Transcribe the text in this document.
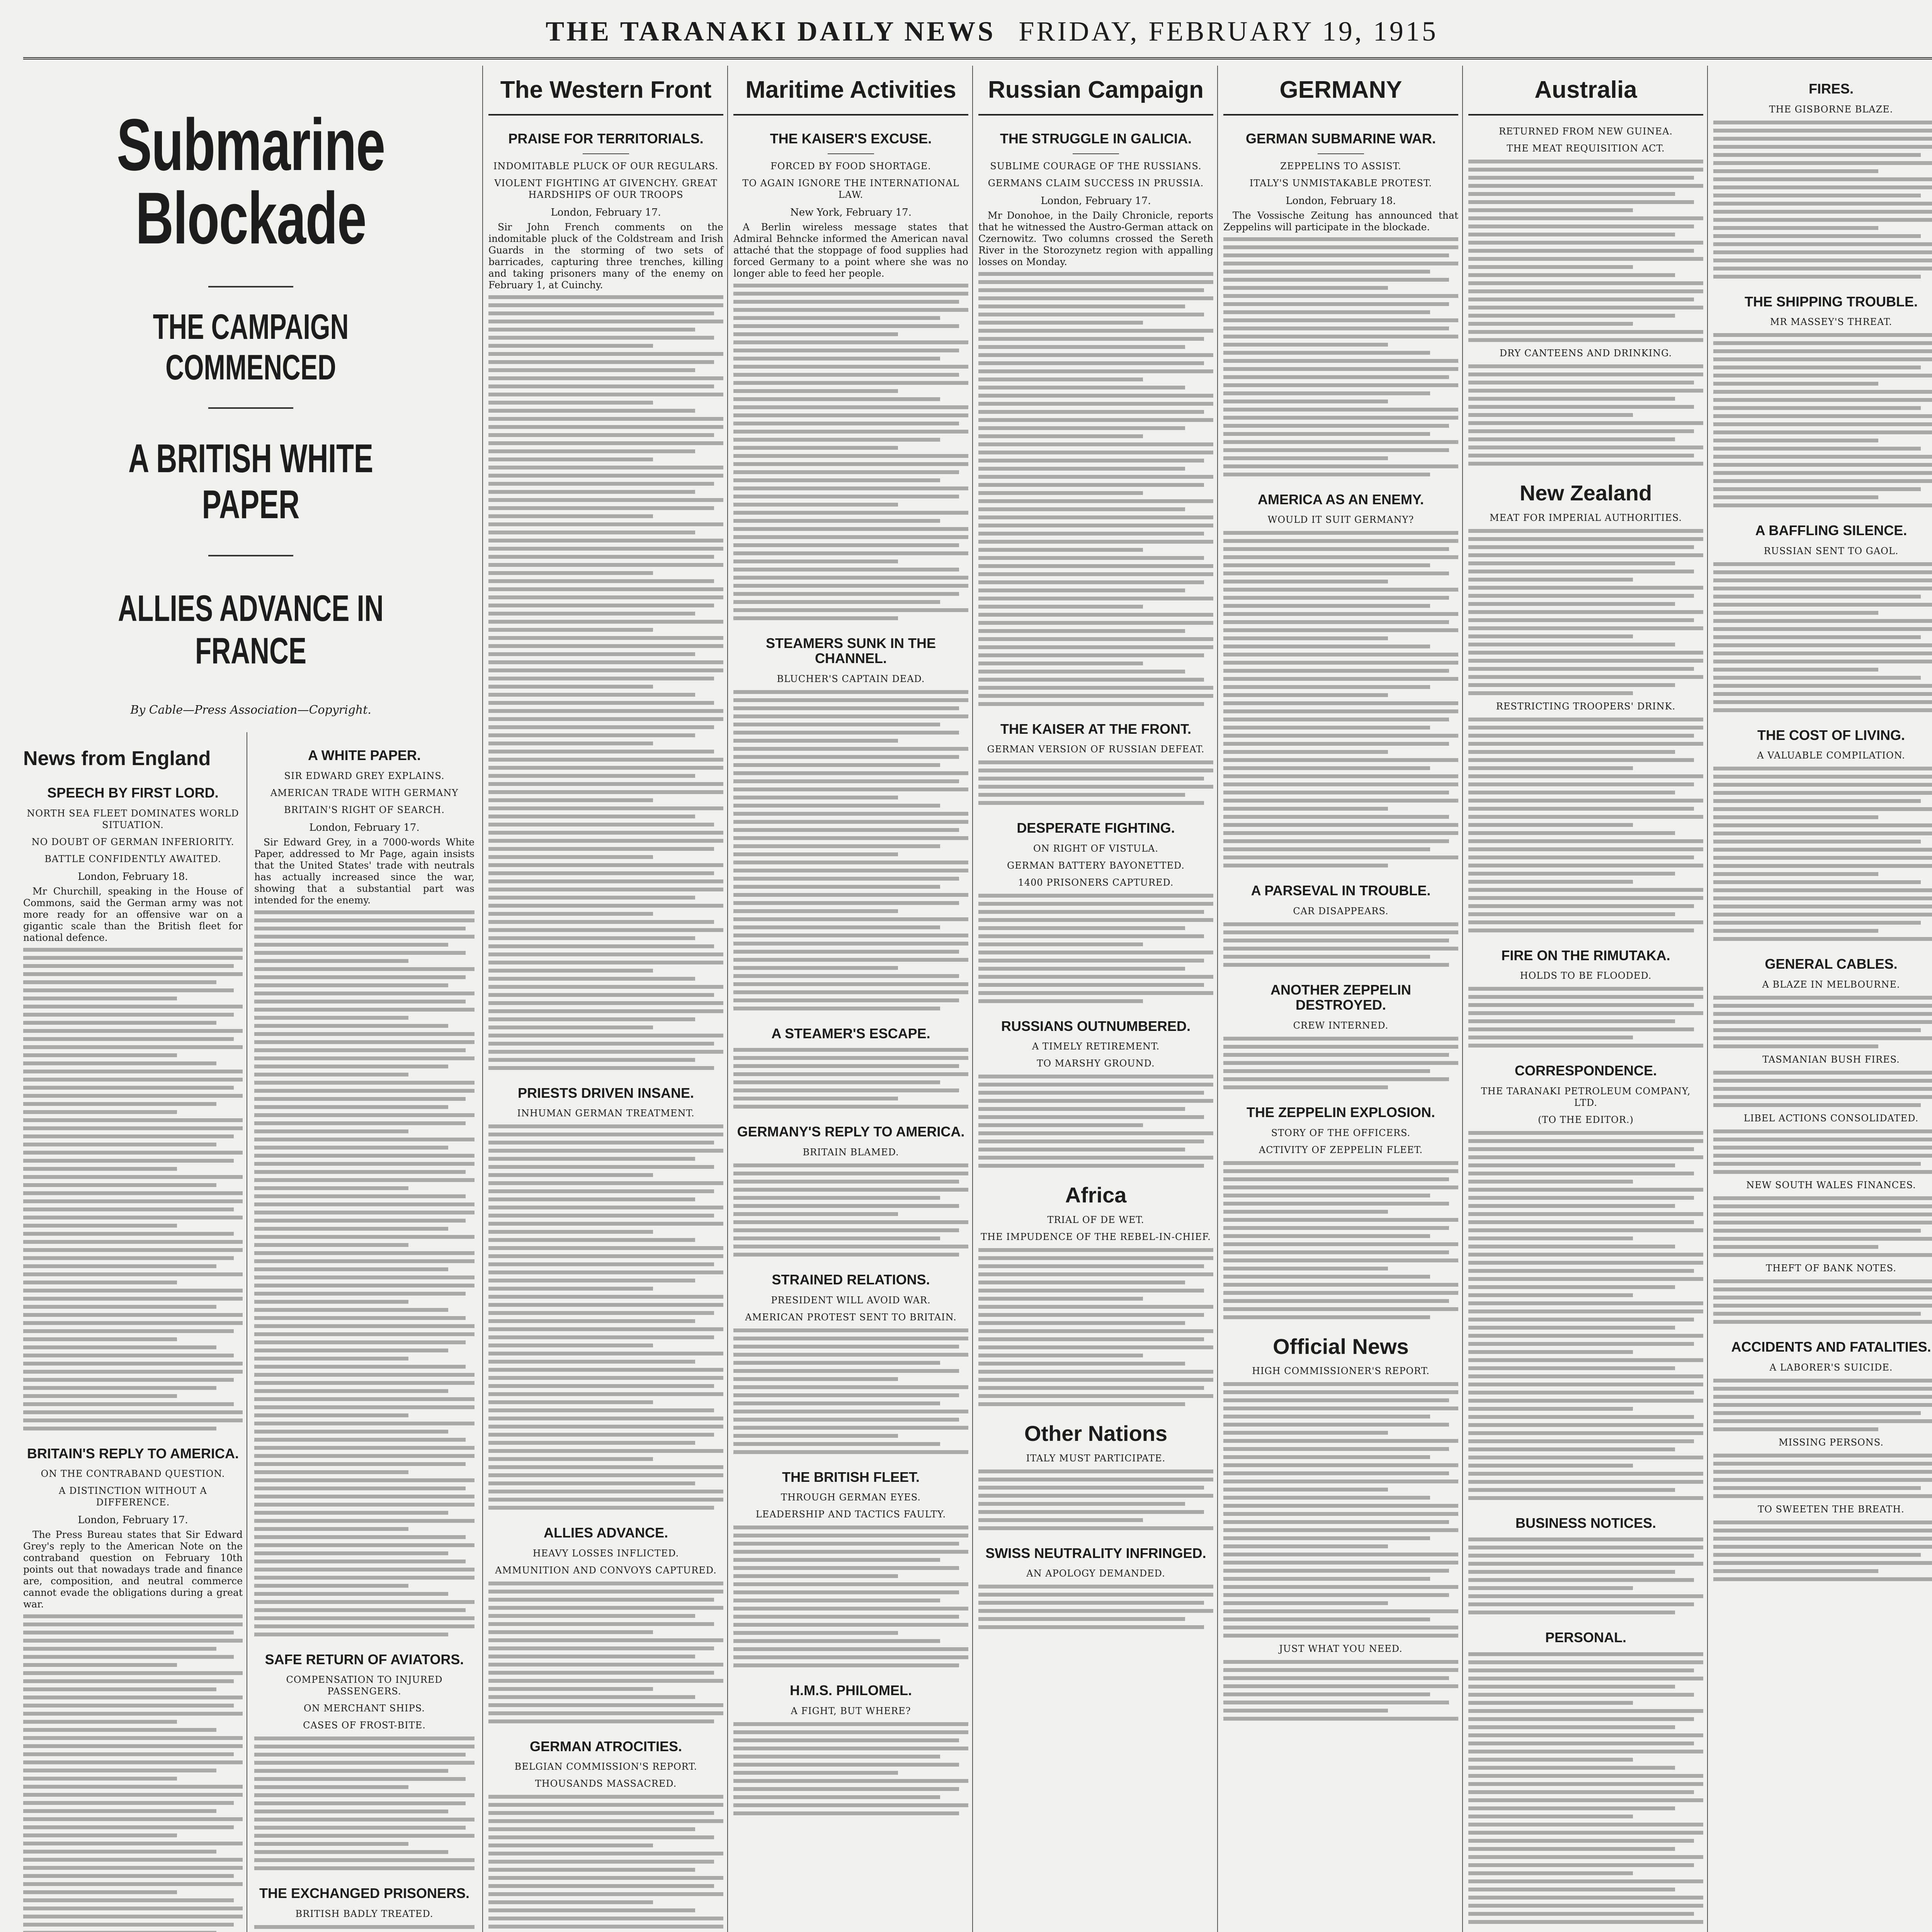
THE TARANAKI DAILY NEWS FRIDAY, FEBRUARY 19, 1915
Submarine Blockade
THE CAMPAIGN COMMENCED
A BRITISH WHITE PAPER
ALLIES ADVANCE IN FRANCE
By Cable—Press Association—Copyright.
News from England
SPEECH BY FIRST LORD.
NORTH SEA FLEET DOMINATES WORLD SITUATION.
NO DOUBT OF GERMAN INFERIORITY.
BATTLE CONFIDENTLY AWAITED.
London, February 18.

Mr Churchill, speaking in the House of Commons, said the German army was not more ready for an offensive war on a gigantic scale than the British fleet for national defence.

BRITAIN'S REPLY TO AMERICA.
ON THE CONTRABAND QUESTION.
A DISTINCTION WITHOUT A DIFFERENCE.
London, February 17.

The Press Bureau states that Sir Edward Grey's reply to the American Note on the contraband question on February 10th points out that nowadays trade and finance are, composition, and neutral commerce cannot evade the obligations during a great war.

A WHITE PAPER.
SIR EDWARD GREY EXPLAINS.
AMERICAN TRADE WITH GERMANY
BRITAIN'S RIGHT OF SEARCH.
London, February 17.

Sir Edward Grey, in a 7000-words White Paper, addressed to Mr Page, again insists that the United States' trade with neutrals has actually increased since the war, showing that a substantial part was intended for the enemy.

SAFE RETURN OF AVIATORS.
COMPENSATION TO INJURED PASSENGERS.
ON MERCHANT SHIPS.
CASES OF FROST-BITE.
THE EXCHANGED PRISONERS.
BRITISH BADLY TREATED.
The Western Front
PRAISE FOR TERRITORIALS.
INDOMITABLE PLUCK OF OUR REGULARS.
VIOLENT FIGHTING AT GIVENCHY. GREAT HARDSHIPS OF OUR TROOPS
London, February 17.

Sir John French comments on the indomitable pluck of the Coldstream and Irish Guards in the storming of two sets of barricades, capturing three trenches, killing and taking prisoners many of the enemy on February 1, at Cuinchy.

PRIESTS DRIVEN INSANE.
INHUMAN GERMAN TREATMENT.
ALLIES ADVANCE.
HEAVY LOSSES INFLICTED.
AMMUNITION AND CONVOYS CAPTURED.
GERMAN ATROCITIES.
BELGIAN COMMISSION'S REPORT.
THOUSANDS MASSACRED.
Maritime Activities
THE KAISER'S EXCUSE.
FORCED BY FOOD SHORTAGE.
TO AGAIN IGNORE THE INTERNATIONAL LAW.
New York, February 17.

A Berlin wireless message states that Admiral Behncke informed the American naval attaché that the stoppage of food supplies had forced Germany to a point where she was no longer able to feed her people.

STEAMERS SUNK IN THE CHANNEL.
BLUCHER'S CAPTAIN DEAD.
A STEAMER'S ESCAPE.
GERMANY'S REPLY TO AMERICA.
BRITAIN BLAMED.
STRAINED RELATIONS.
PRESIDENT WILL AVOID WAR.
AMERICAN PROTEST SENT TO BRITAIN.
THE BRITISH FLEET.
THROUGH GERMAN EYES.
LEADERSHIP AND TACTICS FAULTY.
H.M.S. PHILOMEL.
A FIGHT, BUT WHERE?
Russian Campaign
THE STRUGGLE IN GALICIA.
SUBLIME COURAGE OF THE RUSSIANS.
GERMANS CLAIM SUCCESS IN PRUSSIA.
London, February 17.

Mr Donohoe, in the Daily Chronicle, reports that he witnessed the Austro-German attack on Czernowitz. Two columns crossed the Sereth River in the Storozynetz region with appalling losses on Monday.

THE KAISER AT THE FRONT.
GERMAN VERSION OF RUSSIAN DEFEAT.
DESPERATE FIGHTING.
ON RIGHT OF VISTULA.
GERMAN BATTERY BAYONETTED.
1400 PRISONERS CAPTURED.
RUSSIANS OUTNUMBERED.
A TIMELY RETIREMENT.
TO MARSHY GROUND.
Africa
TRIAL OF DE WET.
THE IMPUDENCE OF THE REBEL-IN-CHIEF.
Other Nations
ITALY MUST PARTICIPATE.
SWISS NEUTRALITY INFRINGED.
AN APOLOGY DEMANDED.
GERMANY
GERMAN SUBMARINE WAR.
ZEPPELINS TO ASSIST.
ITALY'S UNMISTAKABLE PROTEST.
London, February 18.

The Vossische Zeitung has announced that Zeppelins will participate in the blockade.

AMERICA AS AN ENEMY.
WOULD IT SUIT GERMANY?
A PARSEVAL IN TROUBLE.
CAR DISAPPEARS.
ANOTHER ZEPPELIN DESTROYED.
CREW INTERNED.
THE ZEPPELIN EXPLOSION.
STORY OF THE OFFICERS.
ACTIVITY OF ZEPPELIN FLEET.
Official News
HIGH COMMISSIONER'S REPORT.
JUST WHAT YOU NEED.
Australia
RETURNED FROM NEW GUINEA.
THE MEAT REQUISITION ACT.
DRY CANTEENS AND DRINKING.
New Zealand
MEAT FOR IMPERIAL AUTHORITIES.
RESTRICTING TROOPERS' DRINK.
FIRE ON THE RIMUTAKA.
HOLDS TO BE FLOODED.
CORRESPONDENCE.
THE TARANAKI PETROLEUM COMPANY, LTD.
(TO THE EDITOR.)
BUSINESS NOTICES.
PERSONAL.
FIRES.
THE GISBORNE BLAZE.
THE SHIPPING TROUBLE.
MR MASSEY'S THREAT.
A BAFFLING SILENCE.
RUSSIAN SENT TO GAOL.
THE COST OF LIVING.
A VALUABLE COMPILATION.
GENERAL CABLES.
A BLAZE IN MELBOURNE.
TASMANIAN BUSH FIRES.
LIBEL ACTIONS CONSOLIDATED.
NEW SOUTH WALES FINANCES.
THEFT OF BANK NOTES.
ACCIDENTS AND FATALITIES.
A LABORER'S SUICIDE.
MISSING PERSONS.
TO SWEETEN THE BREATH.
